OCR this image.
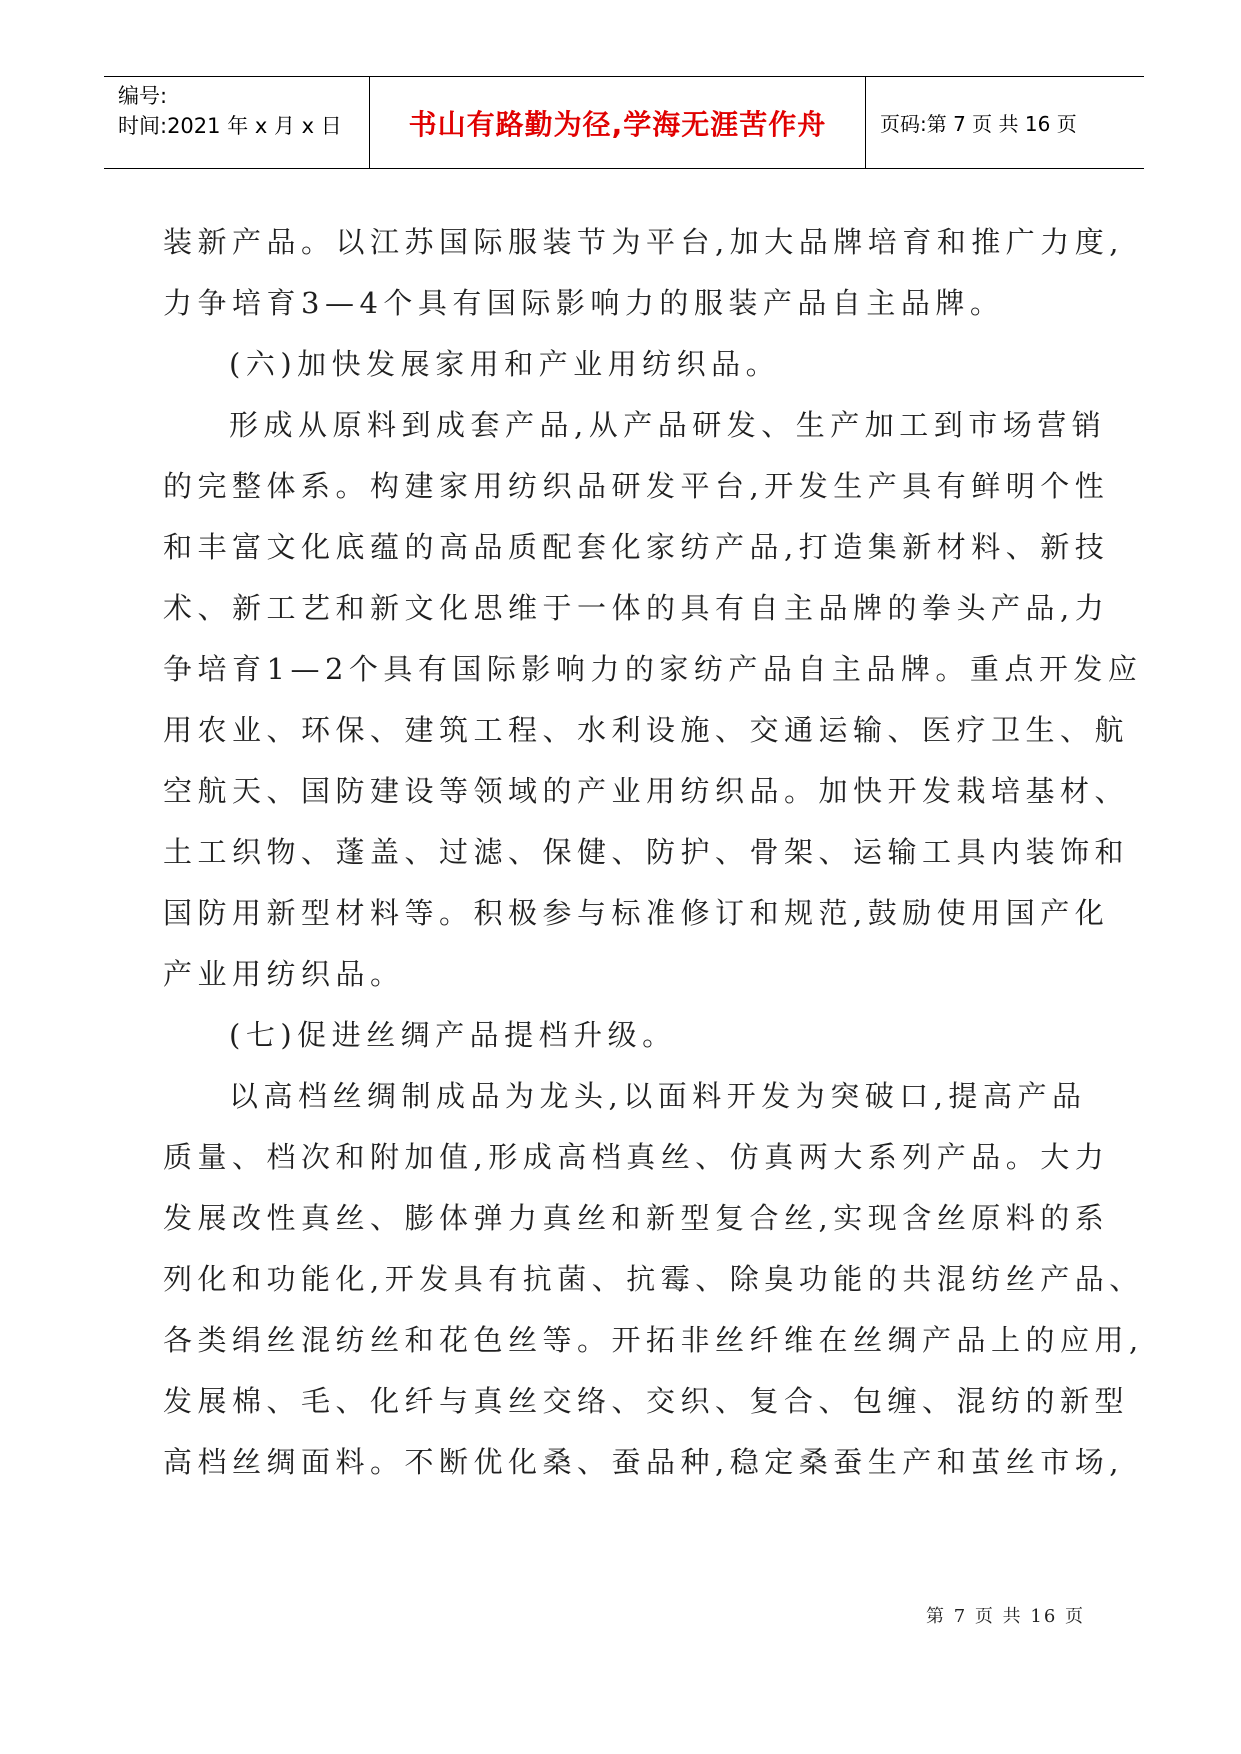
编号:
时间:2021 年 x 月 x 日	书山有路勤为径,学海无涯苦作舟	页码:第 7 页 共 16 页
装新产品。以江苏国际服装节为平台,加大品牌培育和推广力度,
力争培育3—4个具有国际影响力的服装产品自主品牌。
(六)加快发展家用和产业用纺织品。
形成从原料到成套产品,从产品研发、生产加工到市场营销
的完整体系。构建家用纺织品研发平台,开发生产具有鲜明个性
和丰富文化底蕴的高品质配套化家纺产品,打造集新材料、新技
术、新工艺和新文化思维于一体的具有自主品牌的拳头产品,力
争培育1—2个具有国际影响力的家纺产品自主品牌。重点开发应
用农业、环保、建筑工程、水利设施、交通运输、医疗卫生、航
空航天、国防建设等领域的产业用纺织品。加快开发栽培基材、
土工织物、蓬盖、过滤、保健、防护、骨架、运输工具内装饰和
国防用新型材料等。积极参与标准修订和规范,鼓励使用国产化
产业用纺织品。
(七)促进丝绸产品提档升级。
以高档丝绸制成品为龙头,以面料开发为突破口,提高产品
质量、档次和附加值,形成高档真丝、仿真两大系列产品。大力
发展改性真丝、膨体弹力真丝和新型复合丝,实现含丝原料的系
列化和功能化,开发具有抗菌、抗霉、除臭功能的共混纺丝产品、
各类绢丝混纺丝和花色丝等。开拓非丝纤维在丝绸产品上的应用,
发展棉、毛、化纤与真丝交络、交织、复合、包缠、混纺的新型
高档丝绸面料。不断优化桑、蚕品种,稳定桑蚕生产和茧丝市场,
第 7 页 共 16 页
